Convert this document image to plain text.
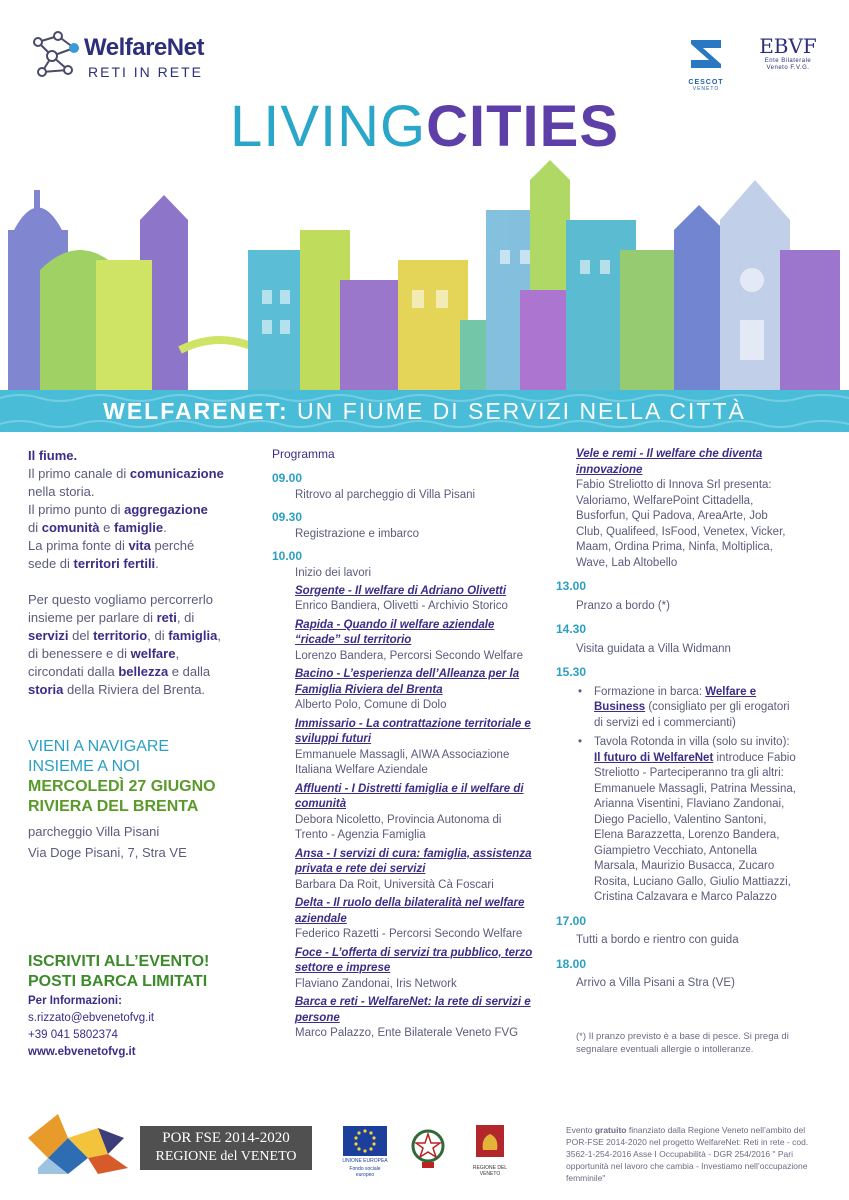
WelfareNet
RETI IN RETE
CESCOT
VENETO
EBVF
Ente Bilaterale
Veneto F.V.G.
LIVINGCITIES
WELFARENET: UN FIUME DI SERVIZI NELLA CITTÀ
Il fiume.
Il primo canale di comunicazione
nella storia.
Il primo punto di aggregazione
di comunità e famiglie.
La prima fonte di vita perché
sede di territori fertili.
Per questo vogliamo percorrerlo
insieme per parlare di reti, di
servizi del territorio, di famiglia,
di benessere e di welfare,
circondati dalla bellezza e dalla
storia della Riviera del Brenta.
VIENI A NAVIGARE
INSIEME A NOI
MERCOLEDÌ 27 GIUGNO
RIVIERA DEL BRENTA
parcheggio Villa Pisani
Via Doge Pisani, 7, Stra VE
ISCRIVITI ALL’EVENTO!
POSTI BARCA LIMITATI
Per Informazioni:
s.rizzato@ebvenetofvg.it
+39 041 5802374
www.ebvenetofvg.it
Programma
09.00
Ritrovo al parcheggio di Villa Pisani
09.30
Registrazione e imbarco
10.00
Inizio dei lavori
Sorgente - Il welfare di Adriano Olivetti
Enrico Bandiera, Olivetti - Archivio Storico
Rapida - Quando il welfare aziendale “ricade” sul territorio
Lorenzo Bandera, Percorsi Secondo Welfare
Bacino - L’esperienza dell’Alleanza per la Famiglia Riviera del Brenta
Alberto Polo, Comune di Dolo
Immissario - La contrattazione territoriale e sviluppi futuri
Emmanuele Massagli, AIWA Associazione Italiana Welfare Aziendale
Affluenti - I Distretti famiglia e il welfare di comunità
Debora Nicoletto, Provincia Autonoma di Trento - Agenzia Famiglia
Ansa - I servizi di cura: famiglia, assistenza privata e rete dei servizi
Barbara Da Roit, Università Cà Foscari
Delta - Il ruolo della bilateralità nel welfare aziendale
Federico Razetti - Percorsi Secondo Welfare
Foce - L’offerta di servizi tra pubblico, terzo settore e imprese
Flaviano Zandonai, Iris Network
Barca e reti - WelfareNet: la rete di servizi e persone
Marco Palazzo, Ente Bilaterale Veneto FVG
Vele e remi - Il welfare che diventa innovazione
Fabio Streliotto di Innova Srl presenta: Valoriamo, WelfarePoint Cittadella, Busforfun, Qui Padova, AreaArte, Job Club, Qualifeed, IsFood, Venetex, Vicker, Maam, Ordina Prima, Ninfa, Moltiplica, Wave, Lab Altobello
13.00
Pranzo a bordo (*)
14.30
Visita guidata a Villa Widmann
15.30
• Formazione in barca: Welfare e Business (consigliato per gli erogatori di servizi ed i commercianti)
• Tavola Rotonda in villa (solo su invito): Il futuro di WelfareNet introduce Fabio Streliotto - Parteciperanno tra gli altri: Emmanuele Massagli, Patrina Messina, Arianna Visentini, Flaviano Zandonai, Diego Paciello, Valentino Santoni, Elena Barazzetta, Lorenzo Bandera, Giampietro Vecchiato, Antonella Marsala, Maurizio Busacca, Zucaro Rosita, Luciano Gallo, Giulio Mattiazzi, Cristina Calzavara e Marco Palazzo
17.00
Tutti a bordo e rientro con guida
18.00
Arrivo a Villa Pisani a Stra (VE)
(*) Il pranzo previsto è a base di pesce. Si prega di segnalare eventuali allergie o intolleranze.
POR FSE 2014-2020
REGIONE del VENETO	UNIONE EUROPEA
Fondo sociale europeo
REGIONE DEL VENETO
Evento gratuito finanziato dalla Regione Veneto nell’ambito del POR-FSE 2014-2020 nel progetto WelfareNet: Reti in rete - cod. 3562-1-254-2016 Asse I Occupabilità - DGR 254/2016 " Pari opportunità nel lavoro che cambia - Investiamo nell’occupazione femminile"
